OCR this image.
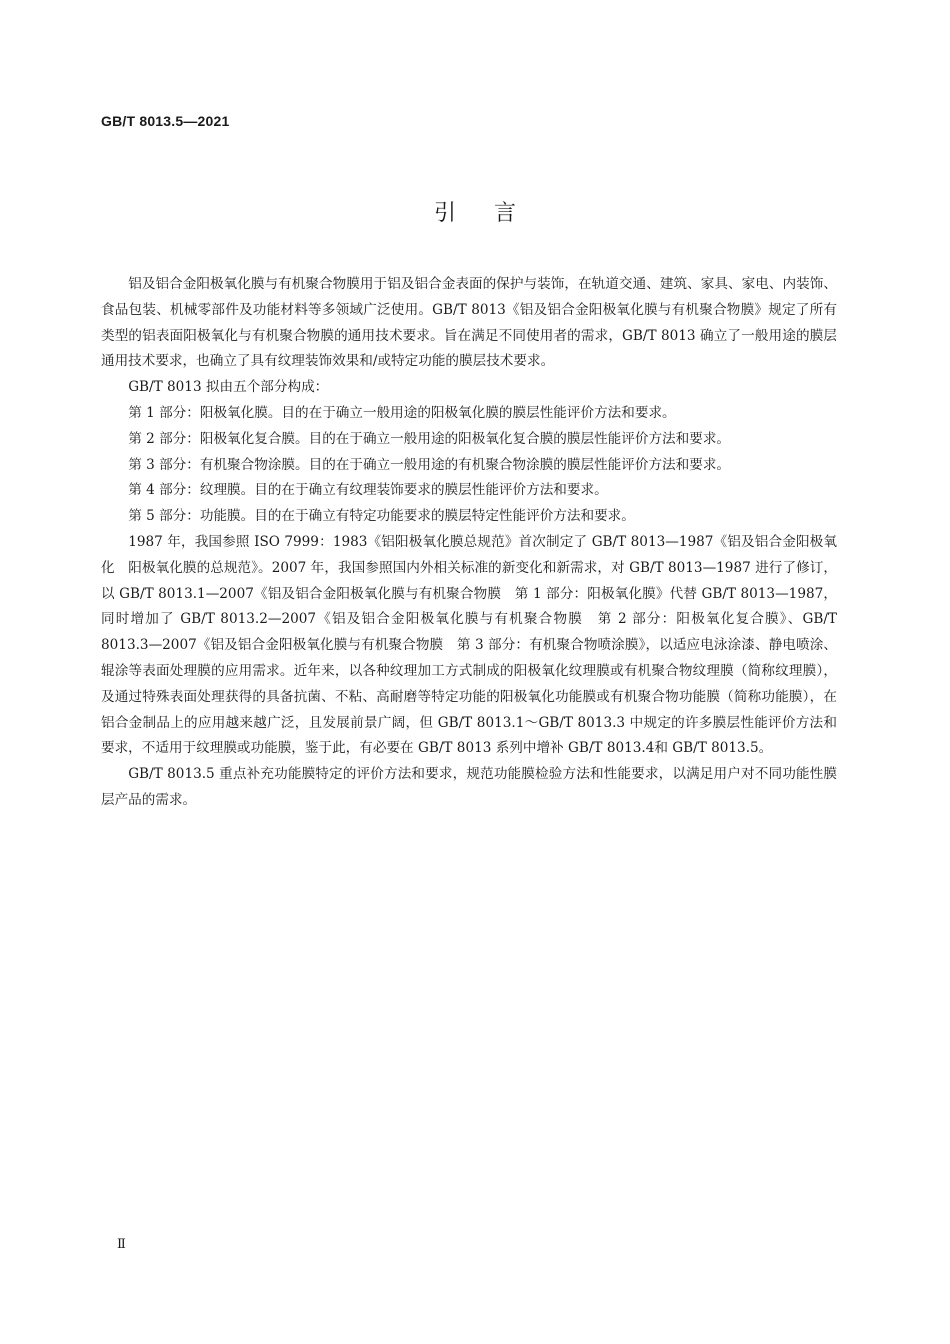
GB/T 8013.5—2021
引言

铝及铝合金阳极氧化膜与有机聚合物膜用于铝及铝合金表面的保护与装饰，在轨道交通、建筑、家具、家电、内装饰、食品包装、机械零部件及功能材料等多领域广泛使用。GB/T 8013《铝及铝合金阳极氧化膜与有机聚合物膜》规定了所有类型的铝表面阳极氧化与有机聚合物膜的通用技术要求。旨在满足不同使用者的需求，GB/T 8013 确立了一般用途的膜层通用技术要求，也确立了具有纹理装饰效果和/或特定功能的膜层技术要求。

GB/T 8013 拟由五个部分构成：

第 1 部分：阳极氧化膜。目的在于确立一般用途的阳极氧化膜的膜层性能评价方法和要求。

第 2 部分：阳极氧化复合膜。目的在于确立一般用途的阳极氧化复合膜的膜层性能评价方法和要求。

第 3 部分：有机聚合物涂膜。目的在于确立一般用途的有机聚合物涂膜的膜层性能评价方法和要求。

第 4 部分：纹理膜。目的在于确立有纹理装饰要求的膜层性能评价方法和要求。

第 5 部分：功能膜。目的在于确立有特定功能要求的膜层特定性能评价方法和要求。

1987 年，我国参照 ISO 7999：1983《铝阳极氧化膜总规范》首次制定了 GB/T 8013—1987《铝及铝合金阳极氧化　阳极氧化膜的总规范》。2007 年，我国参照国内外相关标准的新变化和新需求，对 GB/T 8013—1987 进行了修订，以 GB/T 8013.1—2007《铝及铝合金阳极氧化膜与有机聚合物膜　第 1 部分：阳极氧化膜》代替 GB/T 8013—1987，同时增加了 GB/T 8013.2—2007《铝及铝合金阳极氧化膜与有机聚合物膜　第 2 部分：阳极氧化复合膜》、GB/T 8013.3—2007《铝及铝合金阳极氧化膜与有机聚合物膜　第 3 部分：有机聚合物喷涂膜》，以适应电泳涂漆、静电喷涂、辊涂等表面处理膜的应用需求。近年来，以各种纹理加工方式制成的阳极氧化纹理膜或有机聚合物纹理膜（简称纹理膜），及通过特殊表面处理获得的具备抗菌、不粘、高耐磨等特定功能的阳极氧化功能膜或有机聚合物功能膜（简称功能膜），在铝合金制品上的应用越来越广泛，且发展前景广阔，但 GB/T 8013.1～GB/T 8013.3 中规定的许多膜层性能评价方法和要求，不适用于纹理膜或功能膜，鉴于此，有必要在 GB/T 8013 系列中增补 GB/T 8013.4和 GB/T 8013.5。

GB/T 8013.5 重点补充功能膜特定的评价方法和要求，规范功能膜检验方法和性能要求，以满足用户对不同功能性膜层产品的需求。

Ⅱ
